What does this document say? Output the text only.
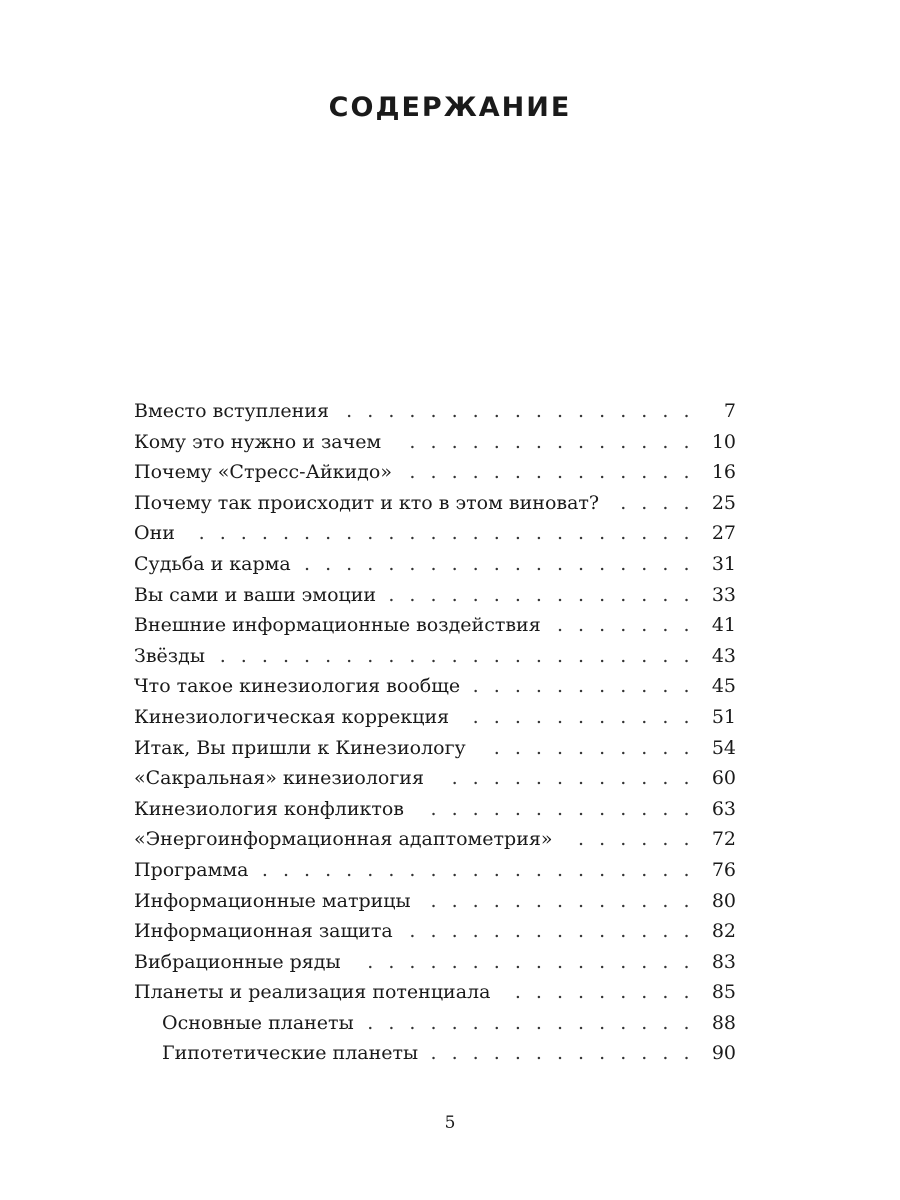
СОДЕРЖАНИЕ
Вместо вступления . . .	7
Кому это нужно и зачем . . .	10
Почему «Стресс-Айкидо» . . .	16
Почему так происходит и кто в этом виноват? . . .	25
Они . . .	27
Судьба и карма . . .	31
Вы сами и ваши эмоции . . .	33
Внешние информационные воздействия . . .	41
Звёзды . . .	43
Что такое кинезиология вообще . . .	45
Кинезиологическая коррекция . . .	51
Итак, Вы пришли к Кинезиологу . . .	54
«Сакральная» кинезиология . . .	60
Кинезиология конфликтов . . .	63
«Энергоинформационная адаптометрия» . . .	72
Программа . . .	76
Информационные матрицы . . .	80
Информационная защита . . .	82
Вибрационные ряды . . .	83
Планеты и реализация потенциала . . .	85
Основные планеты . . .	88
Гипотетические планеты . . .	90
5
